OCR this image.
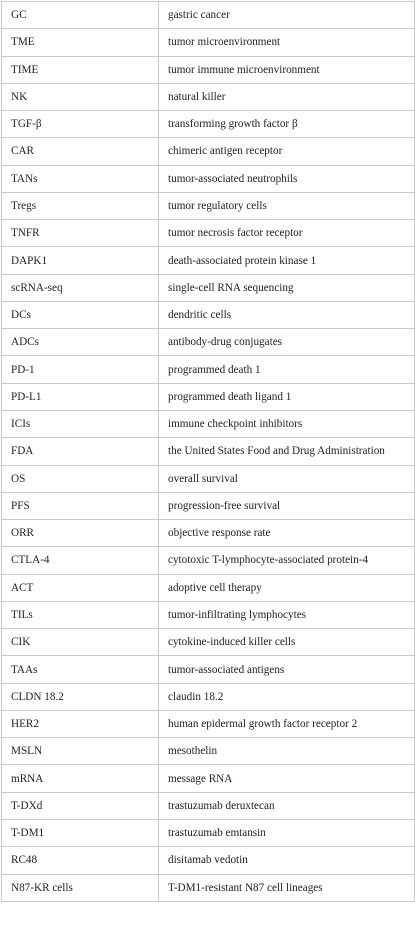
GC	gastric cancer
TME	tumor microenvironment
TIME	tumor immune microenvironment
NK	natural killer
TGF-β	transforming growth factor β
CAR	chimeric antigen receptor
TANs	tumor-associated neutrophils
Tregs	tumor regulatory cells
TNFR	tumor necrosis factor receptor
DAPK1	death-associated protein kinase 1
scRNA-seq	single-cell RNA sequencing
DCs	dendritic cells
ADCs	antibody-drug conjugates
PD-1	programmed death 1
PD-L1	programmed death ligand 1
ICIs	immune checkpoint inhibitors
FDA	the United States Food and Drug Administration
OS	overall survival
PFS	progression-free survival
ORR	objective response rate
CTLA-4	cytotoxic T-lymphocyte-associated protein-4
ACT	adoptive cell therapy
TILs	tumor-infiltrating lymphocytes
CIK	cytokine-induced killer cells
TAAs	tumor-associated antigens
CLDN 18.2	claudin 18.2
HER2	human epidermal growth factor receptor 2
MSLN	mesothelin
mRNA	message RNA
T-DXd	trastuzumab deruxtecan
T-DM1	trastuzumab emtansin
RC48	disitamab vedotin
N87-KR cells	T-DM1-resistant N87 cell lineages
